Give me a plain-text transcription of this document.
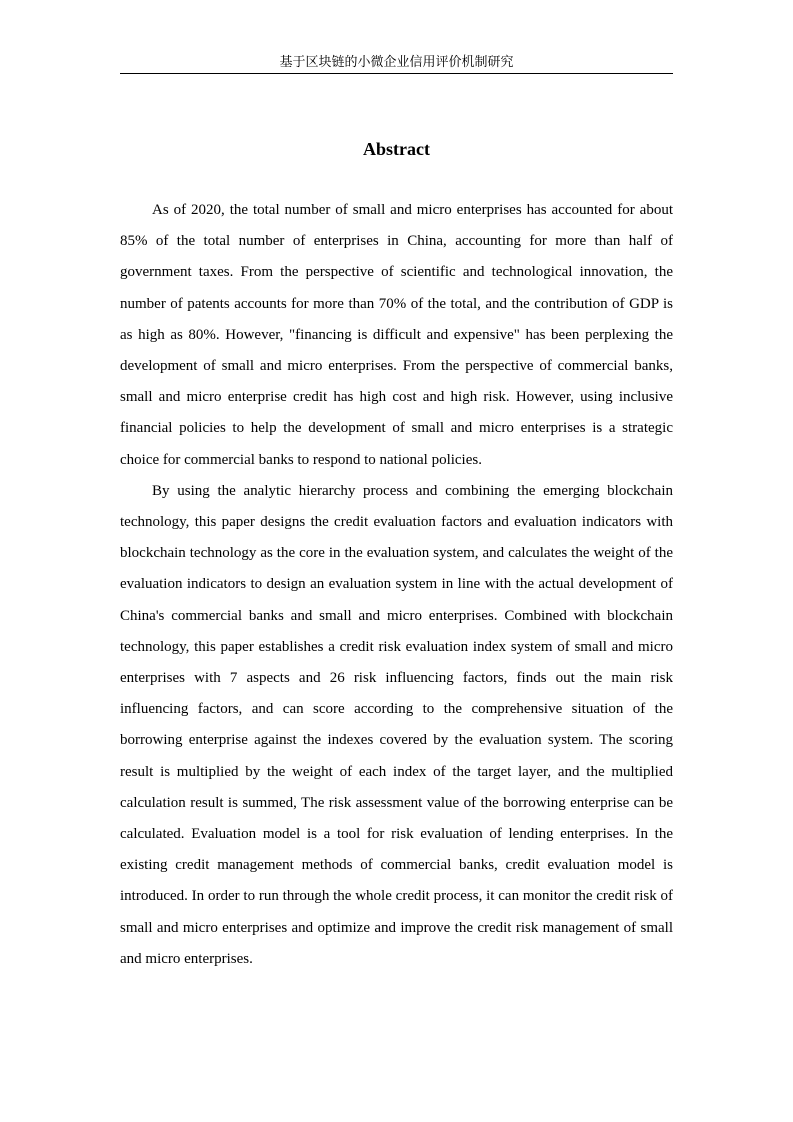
基于区块链的小微企业信用评价机制研究
Abstract

As of 2020, the total number of small and micro enterprises has accounted for about 85% of the total number of enterprises in China, accounting for more than half of government taxes. From the perspective of scientific and technological innovation, the number of patents accounts for more than 70% of the total, and the contribution of GDP is as high as 80%. However, "financing is difficult and expensive" has been perplexing the development of small and micro enterprises. From the perspective of commercial banks, small and micro enterprise credit has high cost and high risk. However, using inclusive financial policies to help the development of small and micro enterprises is a strategic choice for commercial banks to respond to national policies.

By using the analytic hierarchy process and combining the emerging blockchain technology, this paper designs the credit evaluation factors and evaluation indicators with blockchain technology as the core in the evaluation system, and calculates the weight of the evaluation indicators to design an evaluation system in line with the actual development of China's commercial banks and small and micro enterprises. Combined with blockchain technology, this paper establishes a credit risk evaluation index system of small and micro enterprises with 7 aspects and 26 risk influencing factors, finds out the main risk influencing factors, and can score according to the comprehensive situation of the borrowing enterprise against the indexes covered by the evaluation system. The scoring result is multiplied by the weight of each index of the target layer, and the multiplied calculation result is summed, The risk assessment value of the borrowing enterprise can be calculated. Evaluation model is a tool for risk evaluation of lending enterprises. In the existing credit management methods of commercial banks, credit evaluation model is introduced. In order to run through the whole credit process, it can monitor the credit risk of small and micro enterprises and optimize and improve the credit risk management of small and micro enterprises.
